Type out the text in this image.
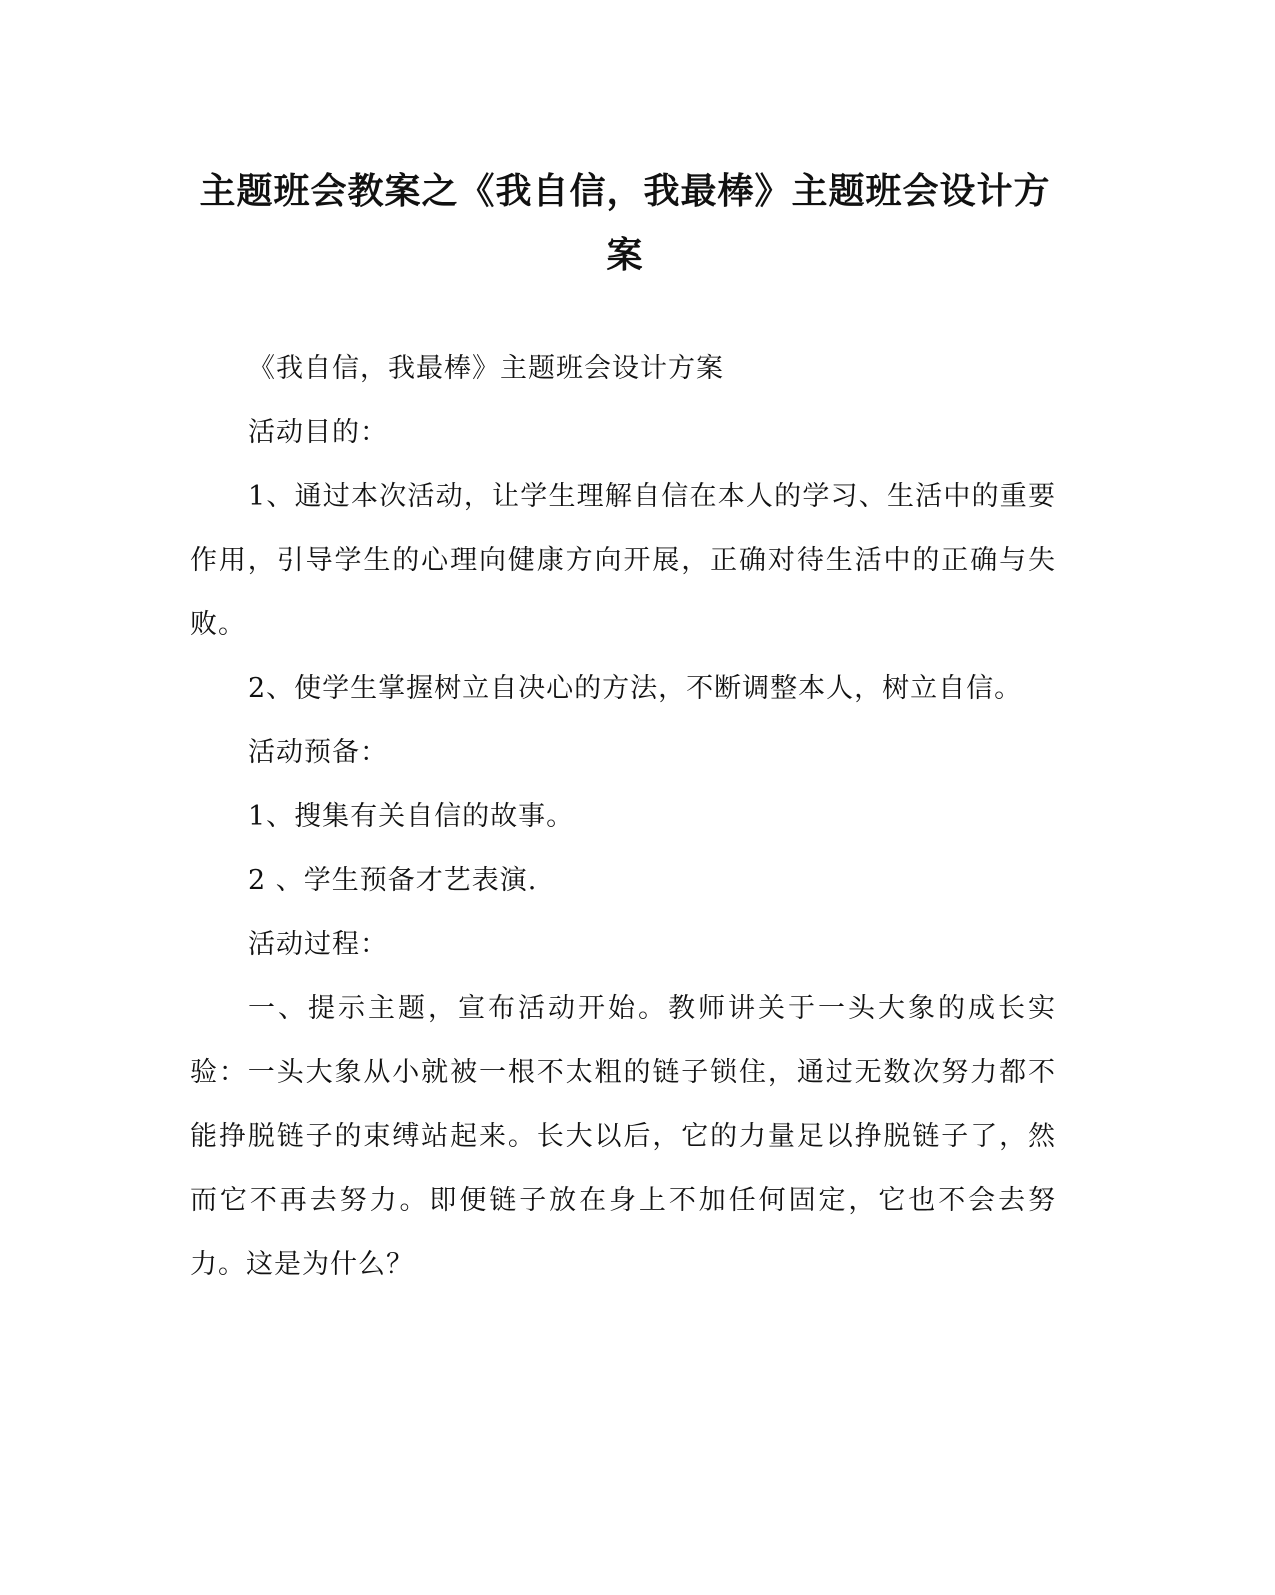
主题班会教案之《我自信，我最棒》主题班会设计方案

《我自信，我最棒》主题班会设计方案

活动目的：

1、通过本次活动，让学生理解自信在本人的学习、生活中的重要作用，引导学生的心理向健康方向开展，正确对待生活中的正确与失败。

2、使学生掌握树立自决心的方法，不断调整本人，树立自信。

活动预备：

1、搜集有关自信的故事。

2 、学生预备才艺表演.

活动过程：

一、提示主题，宣布活动开始。教师讲关于一头大象的成长实验：一头大象从小就被一根不太粗的链子锁住，通过无数次努力都不能挣脱链子的束缚站起来。长大以后，它的力量足以挣脱链子了，然而它不再去努力。即便链子放在身上不加任何固定，它也不会去努力。这是为什么？
